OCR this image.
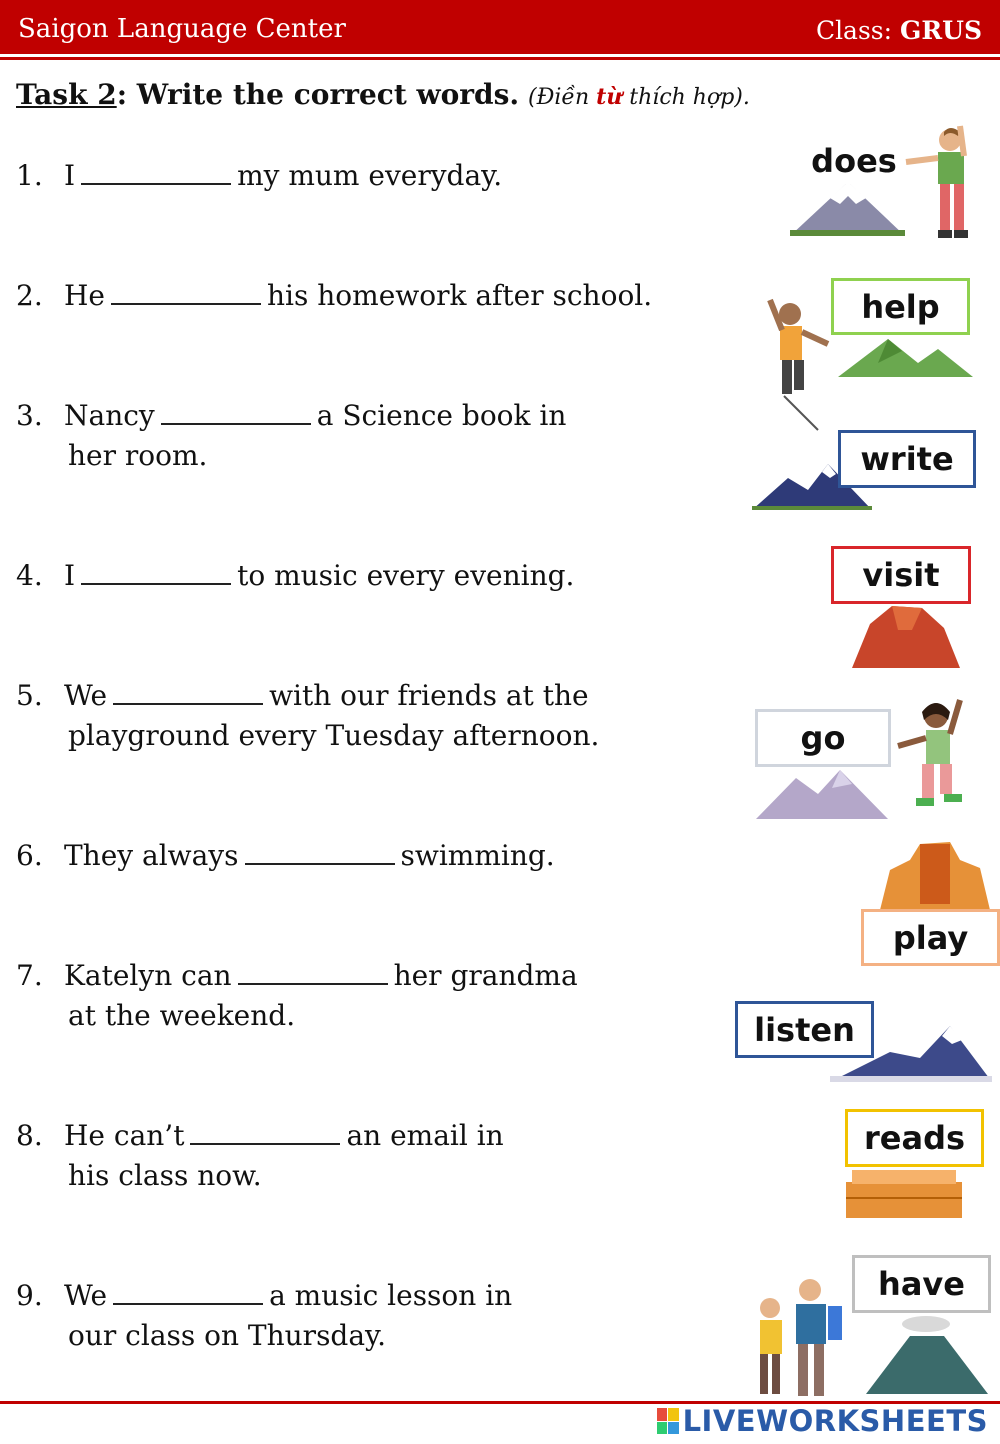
Saigon Language Center	Class: GRUS
Task 2: Write the correct words. (Điền từ thích hợp).
1. I	my mum everyday.
2. He	his homework after school.
3. Nancy	a Science book in
her room.
4. I	to music every evening.
5. We	with our friends at the
playground every Tuesday afternoon.
6. They always	swimming.
7. Katelyn can	her grandma
at the weekend.
8. He can’t	an email in
his class now.
9. We	a music lesson in
our class on Thursday.
does
help
write
visit
go
play
listen
reads
have
LIVEWORKSHEETS
